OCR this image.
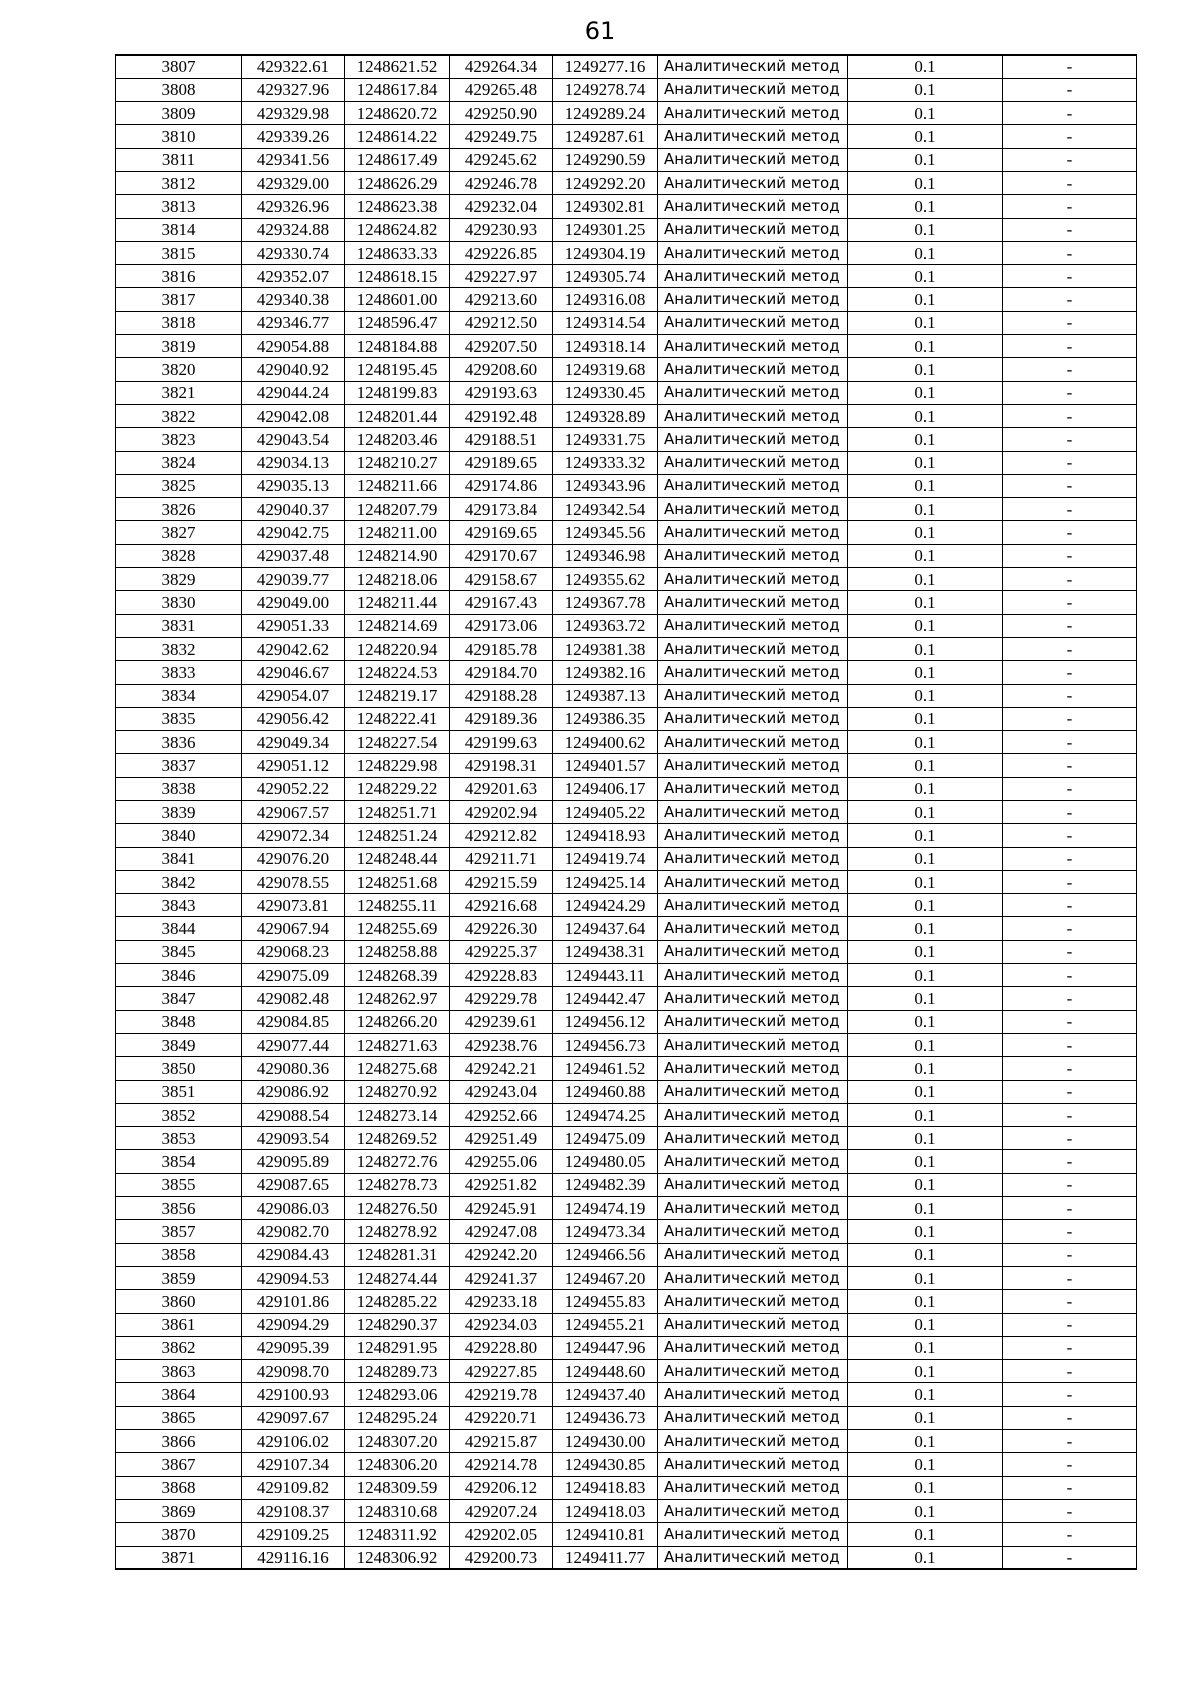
61
3807	429322.61	1248621.52	429264.34	1249277.16	Аналитический метод	0.1	-
3808	429327.96	1248617.84	429265.48	1249278.74	Аналитический метод	0.1	-
3809	429329.98	1248620.72	429250.90	1249289.24	Аналитический метод	0.1	-
3810	429339.26	1248614.22	429249.75	1249287.61	Аналитический метод	0.1	-
3811	429341.56	1248617.49	429245.62	1249290.59	Аналитический метод	0.1	-
3812	429329.00	1248626.29	429246.78	1249292.20	Аналитический метод	0.1	-
3813	429326.96	1248623.38	429232.04	1249302.81	Аналитический метод	0.1	-
3814	429324.88	1248624.82	429230.93	1249301.25	Аналитический метод	0.1	-
3815	429330.74	1248633.33	429226.85	1249304.19	Аналитический метод	0.1	-
3816	429352.07	1248618.15	429227.97	1249305.74	Аналитический метод	0.1	-
3817	429340.38	1248601.00	429213.60	1249316.08	Аналитический метод	0.1	-
3818	429346.77	1248596.47	429212.50	1249314.54	Аналитический метод	0.1	-
3819	429054.88	1248184.88	429207.50	1249318.14	Аналитический метод	0.1	-
3820	429040.92	1248195.45	429208.60	1249319.68	Аналитический метод	0.1	-
3821	429044.24	1248199.83	429193.63	1249330.45	Аналитический метод	0.1	-
3822	429042.08	1248201.44	429192.48	1249328.89	Аналитический метод	0.1	-
3823	429043.54	1248203.46	429188.51	1249331.75	Аналитический метод	0.1	-
3824	429034.13	1248210.27	429189.65	1249333.32	Аналитический метод	0.1	-
3825	429035.13	1248211.66	429174.86	1249343.96	Аналитический метод	0.1	-
3826	429040.37	1248207.79	429173.84	1249342.54	Аналитический метод	0.1	-
3827	429042.75	1248211.00	429169.65	1249345.56	Аналитический метод	0.1	-
3828	429037.48	1248214.90	429170.67	1249346.98	Аналитический метод	0.1	-
3829	429039.77	1248218.06	429158.67	1249355.62	Аналитический метод	0.1	-
3830	429049.00	1248211.44	429167.43	1249367.78	Аналитический метод	0.1	-
3831	429051.33	1248214.69	429173.06	1249363.72	Аналитический метод	0.1	-
3832	429042.62	1248220.94	429185.78	1249381.38	Аналитический метод	0.1	-
3833	429046.67	1248224.53	429184.70	1249382.16	Аналитический метод	0.1	-
3834	429054.07	1248219.17	429188.28	1249387.13	Аналитический метод	0.1	-
3835	429056.42	1248222.41	429189.36	1249386.35	Аналитический метод	0.1	-
3836	429049.34	1248227.54	429199.63	1249400.62	Аналитический метод	0.1	-
3837	429051.12	1248229.98	429198.31	1249401.57	Аналитический метод	0.1	-
3838	429052.22	1248229.22	429201.63	1249406.17	Аналитический метод	0.1	-
3839	429067.57	1248251.71	429202.94	1249405.22	Аналитический метод	0.1	-
3840	429072.34	1248251.24	429212.82	1249418.93	Аналитический метод	0.1	-
3841	429076.20	1248248.44	429211.71	1249419.74	Аналитический метод	0.1	-
3842	429078.55	1248251.68	429215.59	1249425.14	Аналитический метод	0.1	-
3843	429073.81	1248255.11	429216.68	1249424.29	Аналитический метод	0.1	-
3844	429067.94	1248255.69	429226.30	1249437.64	Аналитический метод	0.1	-
3845	429068.23	1248258.88	429225.37	1249438.31	Аналитический метод	0.1	-
3846	429075.09	1248268.39	429228.83	1249443.11	Аналитический метод	0.1	-
3847	429082.48	1248262.97	429229.78	1249442.47	Аналитический метод	0.1	-
3848	429084.85	1248266.20	429239.61	1249456.12	Аналитический метод	0.1	-
3849	429077.44	1248271.63	429238.76	1249456.73	Аналитический метод	0.1	-
3850	429080.36	1248275.68	429242.21	1249461.52	Аналитический метод	0.1	-
3851	429086.92	1248270.92	429243.04	1249460.88	Аналитический метод	0.1	-
3852	429088.54	1248273.14	429252.66	1249474.25	Аналитический метод	0.1	-
3853	429093.54	1248269.52	429251.49	1249475.09	Аналитический метод	0.1	-
3854	429095.89	1248272.76	429255.06	1249480.05	Аналитический метод	0.1	-
3855	429087.65	1248278.73	429251.82	1249482.39	Аналитический метод	0.1	-
3856	429086.03	1248276.50	429245.91	1249474.19	Аналитический метод	0.1	-
3857	429082.70	1248278.92	429247.08	1249473.34	Аналитический метод	0.1	-
3858	429084.43	1248281.31	429242.20	1249466.56	Аналитический метод	0.1	-
3859	429094.53	1248274.44	429241.37	1249467.20	Аналитический метод	0.1	-
3860	429101.86	1248285.22	429233.18	1249455.83	Аналитический метод	0.1	-
3861	429094.29	1248290.37	429234.03	1249455.21	Аналитический метод	0.1	-
3862	429095.39	1248291.95	429228.80	1249447.96	Аналитический метод	0.1	-
3863	429098.70	1248289.73	429227.85	1249448.60	Аналитический метод	0.1	-
3864	429100.93	1248293.06	429219.78	1249437.40	Аналитический метод	0.1	-
3865	429097.67	1248295.24	429220.71	1249436.73	Аналитический метод	0.1	-
3866	429106.02	1248307.20	429215.87	1249430.00	Аналитический метод	0.1	-
3867	429107.34	1248306.20	429214.78	1249430.85	Аналитический метод	0.1	-
3868	429109.82	1248309.59	429206.12	1249418.83	Аналитический метод	0.1	-
3869	429108.37	1248310.68	429207.24	1249418.03	Аналитический метод	0.1	-
3870	429109.25	1248311.92	429202.05	1249410.81	Аналитический метод	0.1	-
3871	429116.16	1248306.92	429200.73	1249411.77	Аналитический метод	0.1	-
